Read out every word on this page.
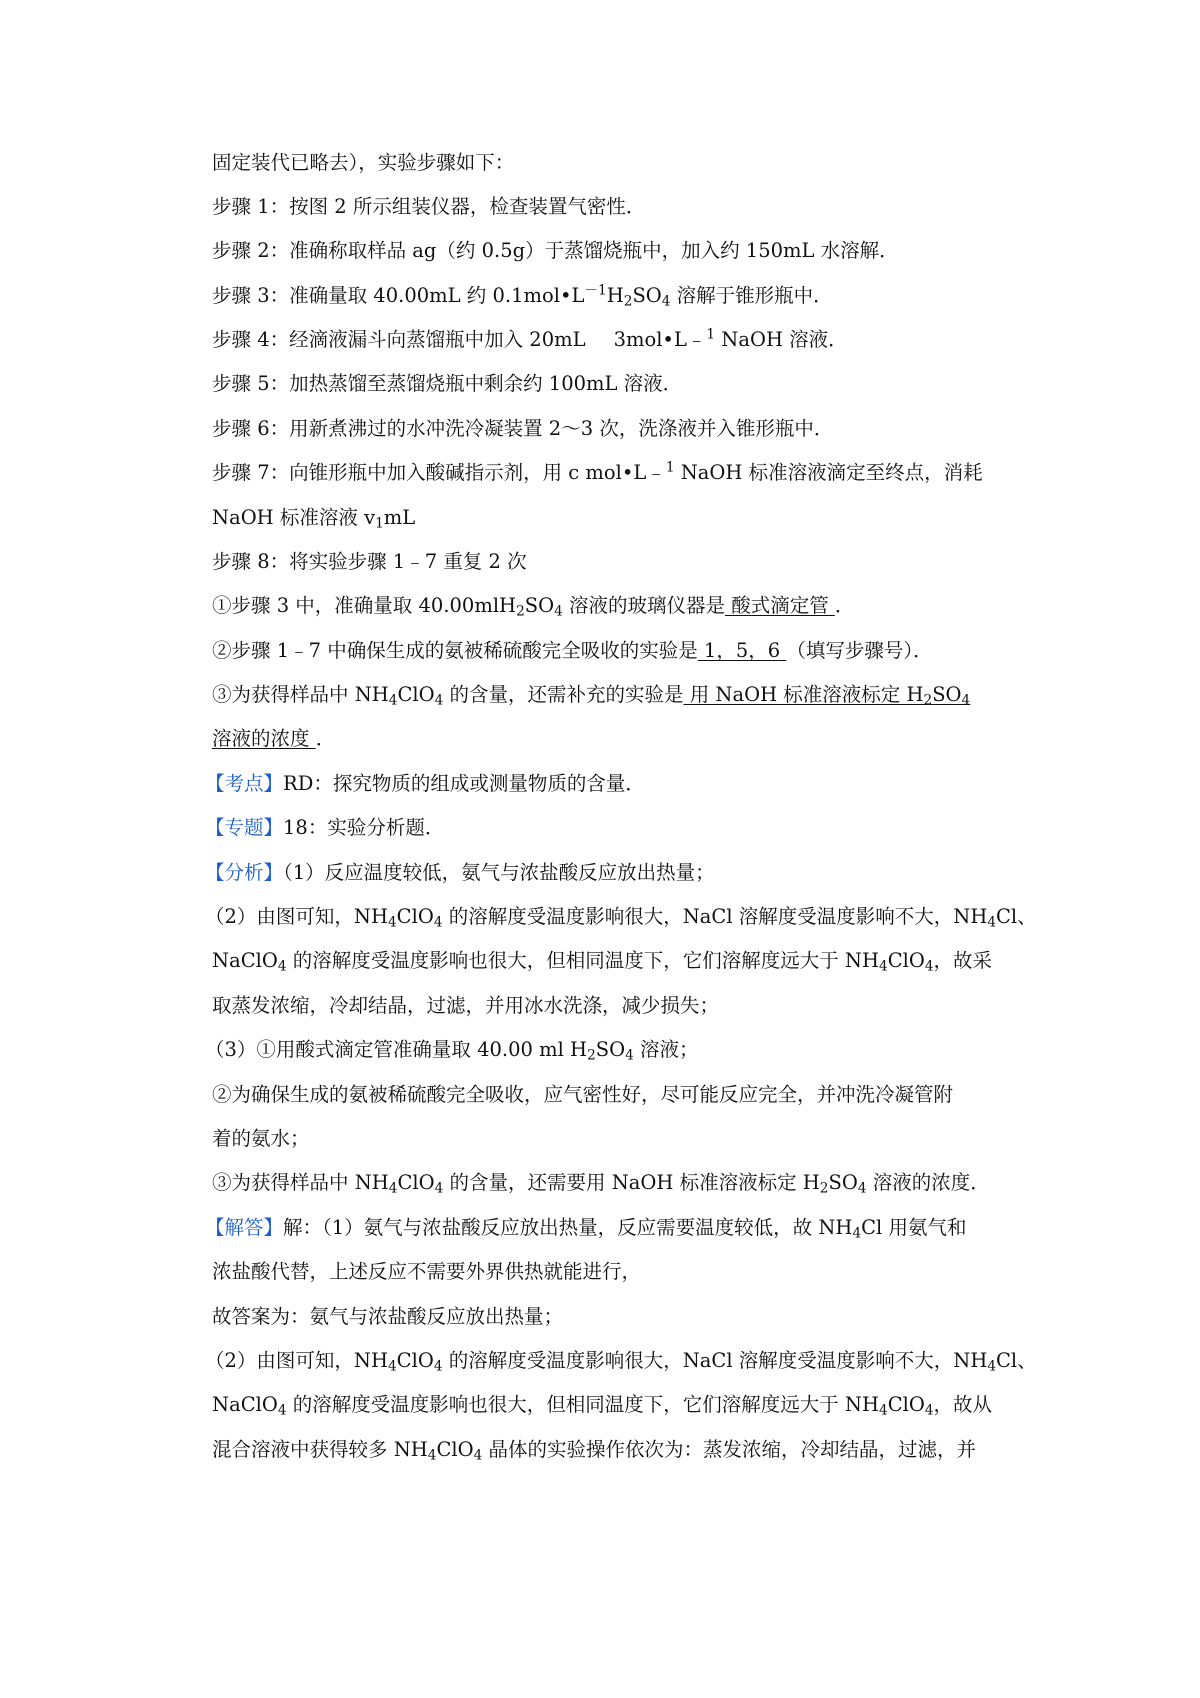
固定装代已略去），实验步骤如下：
步骤 1：按图 2 所示组装仪器，检查装置气密性．
步骤 2：准确称取样品 ag（约 0.5g）于蒸馏烧瓶中，加入约 150mL 水溶解．
步骤 3：准确量取 40.00mL 约 $0.1mol•L^{-1}H_2SO_4$ 溶解于锥形瓶中．
步骤 4：经滴液漏斗向蒸馏瓶中加入 20mL 3mol•L﹣$^1$ NaOH 溶液．
步骤 5：加热蒸馏至蒸馏烧瓶中剩余约 100mL 溶液．
步骤 6：用新煮沸过的水冲洗冷凝装置 2～3 次，洗涤液并入锥形瓶中．
步骤 7：向锥形瓶中加入酸碱指示剂，用 c mol•L﹣$^1$ NaOH 标准溶液滴定至终点，消耗
NaOH 标准溶液 $v_1mL$
步骤 8：将实验步骤 1﹣7 重复 2 次
①步骤 3 中，准确量取 $40.00mlH_2SO_4$ 溶液的玻璃仪器是 酸式滴定管 ．
②步骤 1﹣7 中确保生成的氨被稀硫酸完全吸收的实验是 1，5，6 （填写步骤号）．
③为获得样品中 $NH_4ClO_4$ 的含量，还需补充的实验是 用 NaOH 标准溶液标定 $H_2SO_4$
溶液的浓度 ．
【考点】RD：探究物质的组成或测量物质的含量．
【专题】18：实验分析题．
【分析】（1）反应温度较低，氨气与浓盐酸反应放出热量；
（2）由图可知，$NH_4ClO_4$ 的溶解度受温度影响很大，NaCl 溶解度受温度影响不大，$NH_4Cl$、
NaClO$_4$ 的溶解度受温度影响也很大，但相同温度下，它们溶解度远大于 $NH_4ClO_4$，故采
取蒸发浓缩，冷却结晶，过滤，并用冰水洗涤，减少损失；
（3）①用酸式滴定管准确量取 40.00 ml $H_2SO_4$ 溶液；
②为确保生成的氨被稀硫酸完全吸收，应气密性好，尽可能反应完全，并冲洗冷凝管附
着的氨水；
③为获得样品中 $NH_4ClO_4$ 的含量，还需要用 NaOH 标准溶液标定 $H_2SO_4$ 溶液的浓度．
【解答】解：（1）氨气与浓盐酸反应放出热量，反应需要温度较低，故 $NH_4Cl$ 用氨气和
浓盐酸代替，上述反应不需要外界供热就能进行，
故答案为：氨气与浓盐酸反应放出热量；
（2）由图可知，$NH_4ClO_4$ 的溶解度受温度影响很大，NaCl 溶解度受温度影响不大，$NH_4Cl$、
NaClO$_4$ 的溶解度受温度影响也很大，但相同温度下，它们溶解度远大于 $NH_4ClO_4$，故从
混合溶液中获得较多 $NH_4ClO_4$ 晶体的实验操作依次为：蒸发浓缩，冷却结晶，过滤，并
